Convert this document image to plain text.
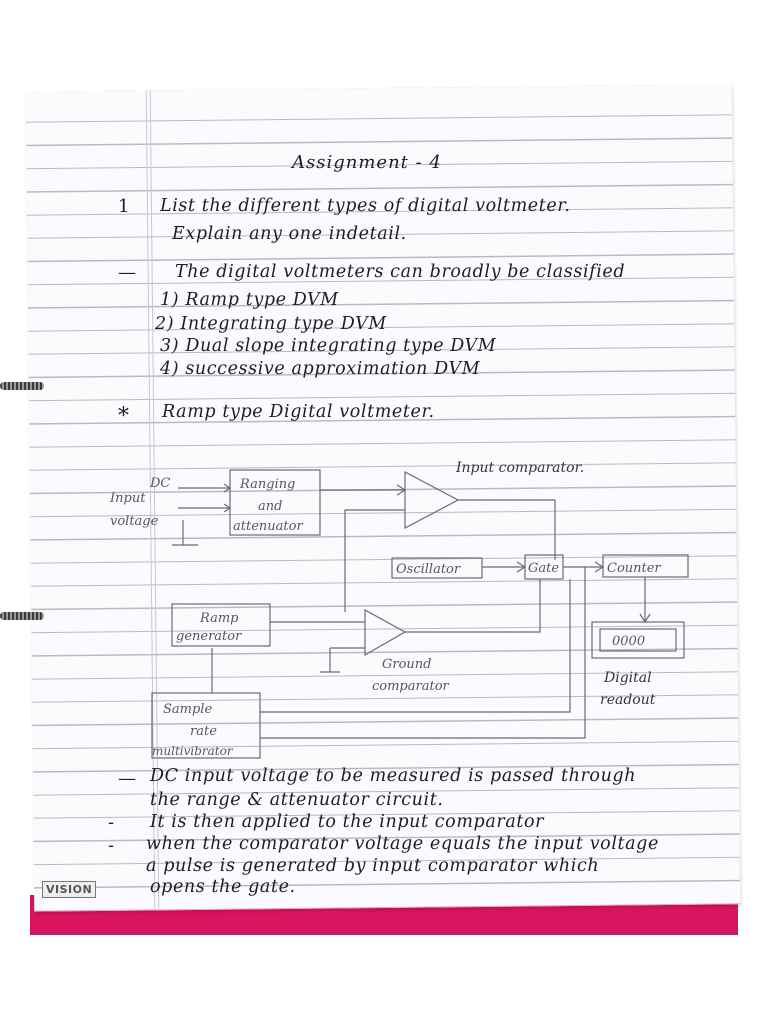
Assignment - 4
1 List the different types of digital voltmeter.
Explain any one indetail.
— The digital voltmeters can broadly be classified
1) Ramp type DVM
2) Integrating type DVM
3) Dual slope integrating type DVM
4) successive approximation DVM
* Ramp type Digital voltmeter.
DC
Input
voltage
Ranging
and
attenuator
Input comparator.
Oscillator	Gate	Counter
0000
Ramp
generator
Ground
comparator
Digital
readout
Sample
rate
multivibrator
— DC input voltage to be measured is passed through
the range & attenuator circuit.
- It is then applied to the input comparator
- when the comparator voltage equals the input voltage
a pulse is generated by input comparator which
opens the gate.
VISION
